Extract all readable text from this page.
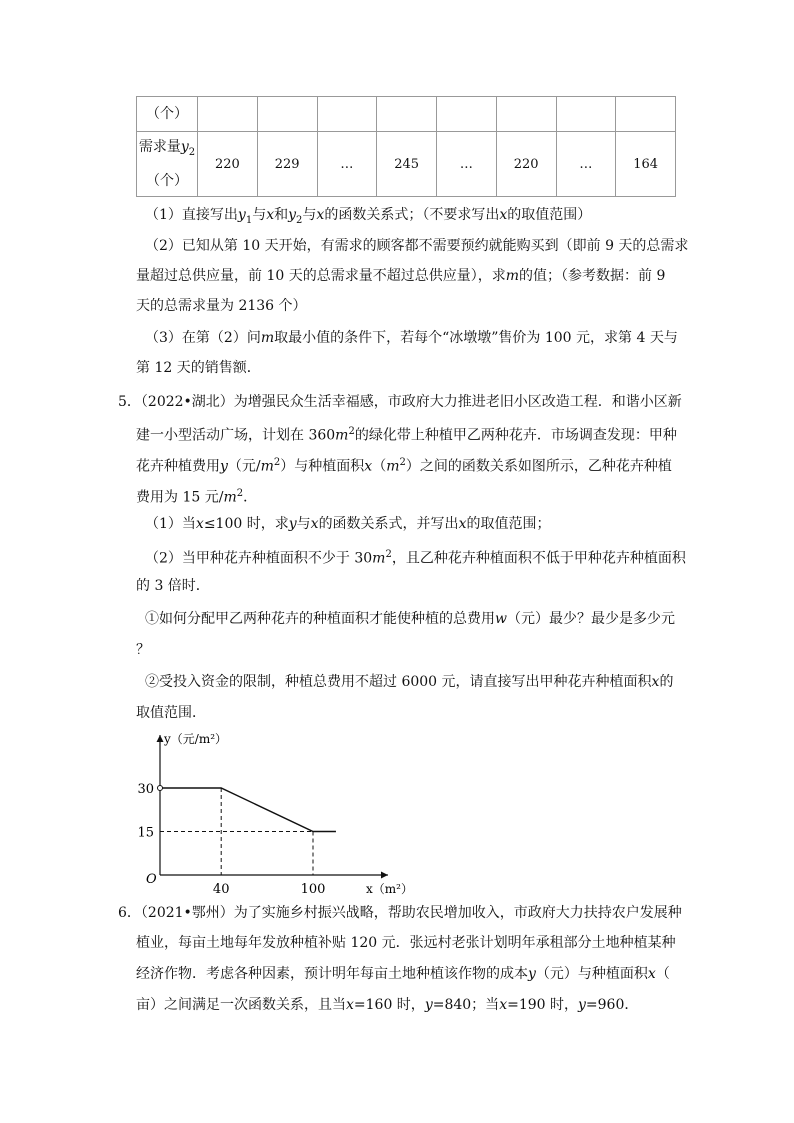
（个）								

需求量$y_2$
（个）	220	229	…	245	…	220	…	164
（1）直接写出$y_1$与x和$y_2$与x的函数关系式；（不要求写出x的取值范围）
（2）已知从第 10 天开始，有需求的顾客都不需要预约就能购买到（即前 9 天的总需求
量超过总供应量，前 10 天的总需求量不超过总供应量），求m的值；（参考数据：前 9
天的总需求量为 2136 个）
（3）在第（2）问m取最小值的条件下，若每个“冰墩墩”售价为 100 元，求第 4 天与
第 12 天的销售额．
5．（2022•湖北）为增强民众生活幸福感，市政府大力推进老旧小区改造工程．和谐小区新
建一小型活动广场，计划在 $360m^2$的绿化带上种植甲乙两种花卉．市场调查发现：甲种
花卉种植费用y（元$/m^2$）与种植面积$x(m^2)$之间的函数关系如图所示，乙种花卉种植
费用为 15 元$/m^2$．
（1）当x≤100 时，求y与x的函数关系式，并写出x的取值范围；
（2）当甲种花卉种植面积不少于 $30m^2$，且乙种花卉种植面积不低于甲种花卉种植面积
的 3 倍时．
①如何分配甲乙两种花卉的种植面积才能使种植的总费用w（元）最少？最少是多少元
？
②受投入资金的限制，种植总费用不超过 6000 元，请直接写出甲种花卉种植面积x的
取值范围．
40	100
30
15
O
x（m²）
y（元/m²）
6．（2021•鄂州）为了实施乡村振兴战略，帮助农民增加收入，市政府大力扶持农户发展种
植业，每亩土地每年发放种植补贴 120 元．张远村老张计划明年承租部分土地种植某种
经济作物．考虑各种因素，预计明年每亩土地种植该作物的成本y（元）与种植面积x（
亩）之间满足一次函数关系，且当x=160 时，y=840；当x=190 时，y=960．
